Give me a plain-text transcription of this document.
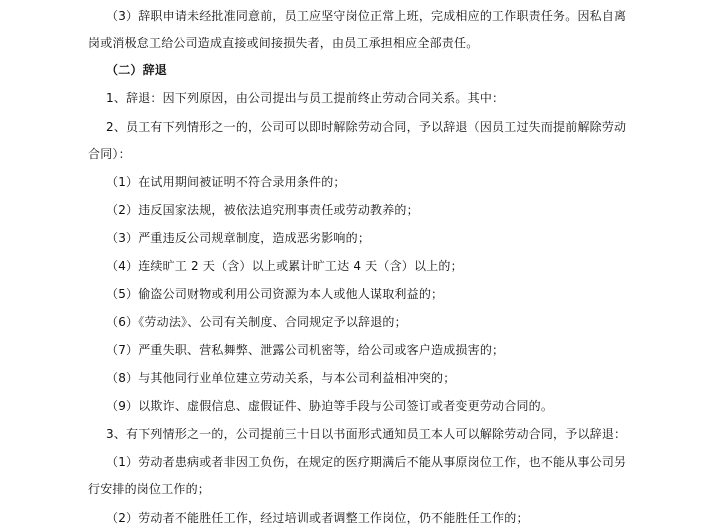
（3）辞职申请未经批准同意前，员工应坚守岗位正常上班，完成相应的工作职责任务。因私自离
岗或消极怠工给公司造成直接或间接损失者，由员工承担相应全部责任。
（二）辞退
1、辞退：因下列原因，由公司提出与员工提前终止劳动合同关系。其中：
2、员工有下列情形之一的，公司可以即时解除劳动合同，予以辞退（因员工过失而提前解除劳动
合同）：
（1）在试用期间被证明不符合录用条件的；
（2）违反国家法规，被依法追究刑事责任或劳动教养的；
（3）严重违反公司规章制度，造成恶劣影响的；
（4）连续旷工 2 天（含）以上或累计旷工达 4 天（含）以上的；
（5）偷盗公司财物或利用公司资源为本人或他人谋取利益的；
（6）《劳动法》、公司有关制度、合同规定予以辞退的；
（7）严重失职、营私舞弊、泄露公司机密等，给公司或客户造成损害的；
（8）与其他同行业单位建立劳动关系，与本公司利益相冲突的；
（9）以欺诈、虚假信息、虚假证件、胁迫等手段与公司签订或者变更劳动合同的。
3、有下列情形之一的，公司提前三十日以书面形式通知员工本人可以解除劳动合同，予以辞退：
（1）劳动者患病或者非因工负伤，在规定的医疗期满后不能从事原岗位工作，也不能从事公司另
行安排的岗位工作的；
（2）劳动者不能胜任工作，经过培训或者调整工作岗位，仍不能胜任工作的；
